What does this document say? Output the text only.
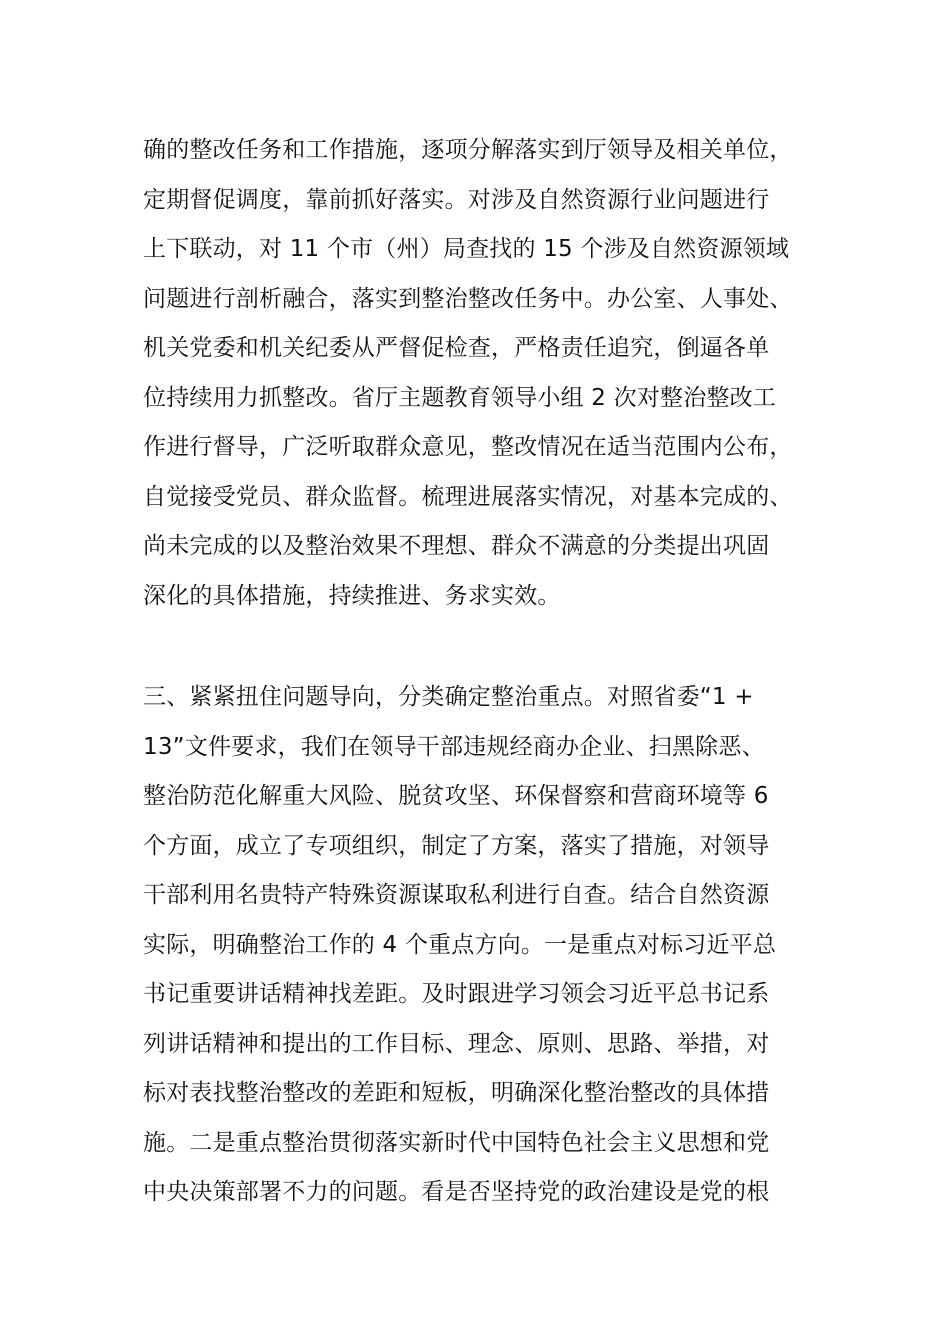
确的整改任务和工作措施，逐项分解落实到厅领导及相关单位，
定期督促调度，靠前抓好落实。对涉及自然资源行业问题进行
上下联动，对 11 个市（州）局查找的 15 个涉及自然资源领域
问题进行剖析融合，落实到整治整改任务中。办公室、人事处、
机关党委和机关纪委从严督促检查，严格责任追究，倒逼各单
位持续用力抓整改。省厅主题教育领导小组 2 次对整治整改工
作进行督导，广泛听取群众意见，整改情况在适当范围内公布，
自觉接受党员、群众监督。梳理进展落实情况，对基本完成的、
尚未完成的以及整治效果不理想、群众不满意的分类提出巩固
深化的具体措施，持续推进、务求实效。
三、紧紧扭住问题导向，分类确定整治重点。对照省委“1 +
13”文件要求，我们在领导干部违规经商办企业、扫黑除恶、
整治防范化解重大风险、脱贫攻坚、环保督察和营商环境等 6
个方面，成立了专项组织，制定了方案，落实了措施，对领导
干部利用名贵特产特殊资源谋取私利进行自查。结合自然资源
实际，明确整治工作的 4 个重点方向。一是重点对标习近平总
书记重要讲话精神找差距。及时跟进学习领会习近平总书记系
列讲话精神和提出的工作目标、理念、原则、思路、举措，对
标对表找整治整改的差距和短板，明确深化整治整改的具体措
施。二是重点整治贯彻落实新时代中国特色社会主义思想和党
中央决策部署不力的问题。看是否坚持党的政治建设是党的根
